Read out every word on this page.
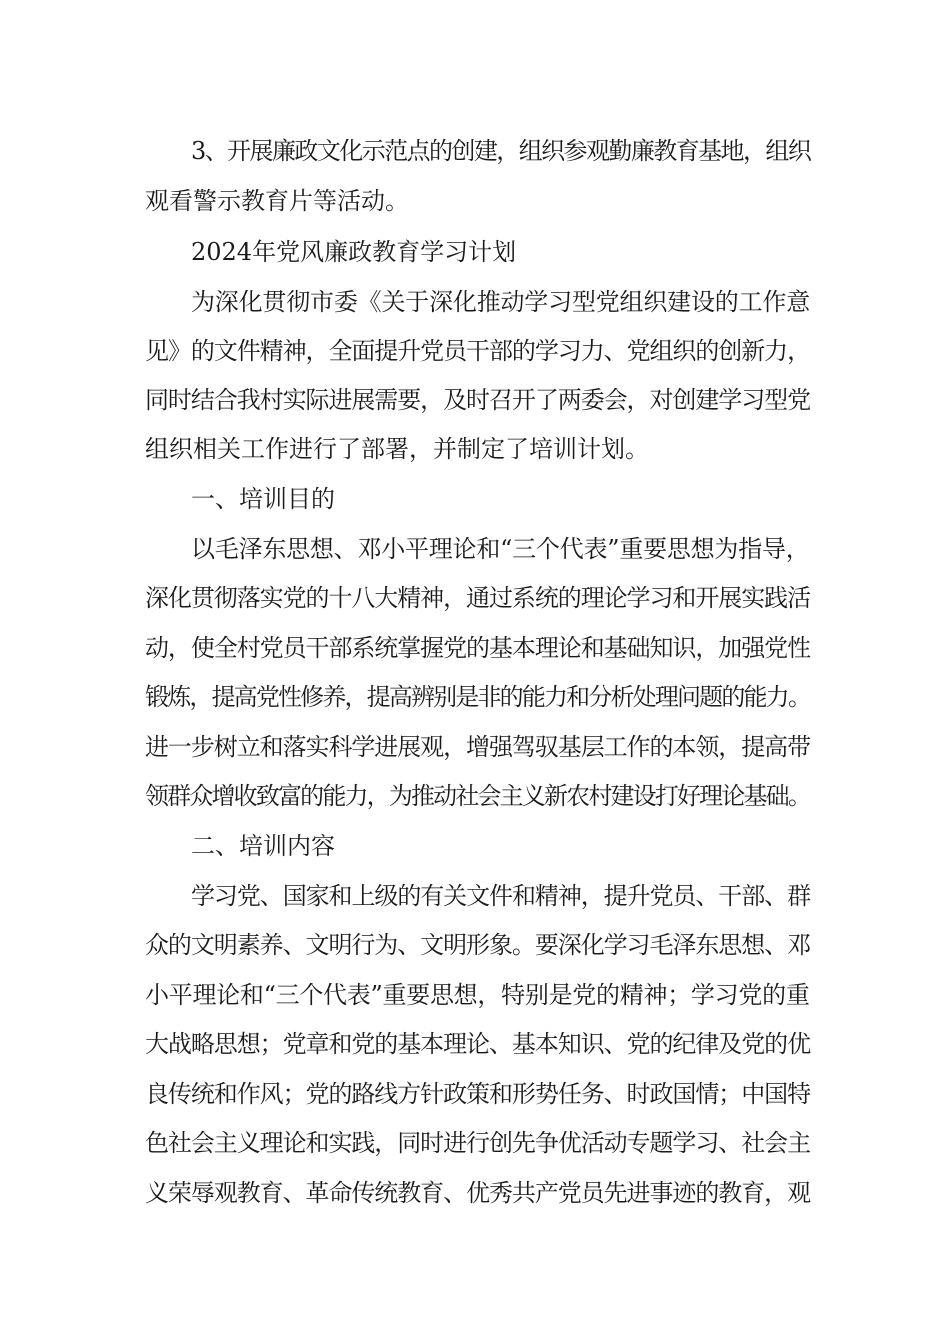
3、开展廉政文化示范点的创建，组织参观勤廉教育基地，组织
观看警示教育片等活动。
2024年党风廉政教育学习计划
为深化贯彻市委《关于深化推动学习型党组织建设的工作意
见》的文件精神，全面提升党员干部的学习力、党组织的创新力，
同时结合我村实际进展需要，及时召开了两委会，对创建学习型党
组织相关工作进行了部署，并制定了培训计划。
一、培训目的
以毛泽东思想、邓小平理论和“三个代表”重要思想为指导，
深化贯彻落实党的十八大精神，通过系统的理论学习和开展实践活
动，使全村党员干部系统掌握党的基本理论和基础知识，加强党性
锻炼，提高党性修养，提高辨别是非的能力和分析处理问题的能力。
进一步树立和落实科学进展观，增强驾驭基层工作的本领，提高带
领群众增收致富的能力，为推动社会主义新农村建设打好理论基础。
二、培训内容
学习党、国家和上级的有关文件和精神，提升党员、干部、群
众的文明素养、文明行为、文明形象。要深化学习毛泽东思想、邓
小平理论和“三个代表”重要思想，特别是党的精神；学习党的重
大战略思想；党章和党的基本理论、基本知识、党的纪律及党的优
良传统和作风；党的路线方针政策和形势任务、时政国情；中国特
色社会主义理论和实践，同时进行创先争优活动专题学习、社会主
义荣辱观教育、革命传统教育、优秀共产党员先进事迹的教育，观
